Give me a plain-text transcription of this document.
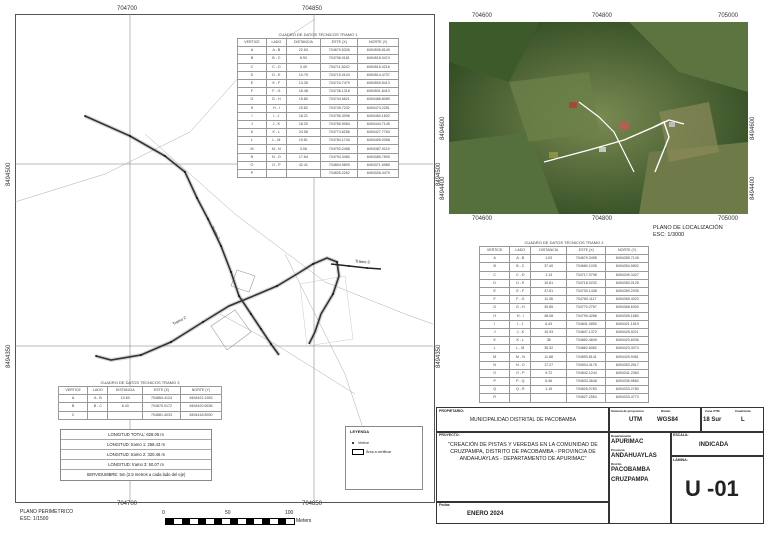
Tramo 1
Tramo 2
Tramo 3
704700	704850
704700	704850
8494500
8494350
8494500
8494350
CUADRO DE DATOS TÉCNICOS TRAMO 1
VERTICE	LADO	DISTANCIA	ESTE (X)	NORTE (Y)
A	A - B	22.63	704679.5326	8494536.8149
B	B - C	6.93	704706.0181	8494518.0474
C	C - D	3.49	704711.8242	8494515.4216
D	D - E	10.75	704715.0104	8494514.4737
E	E - F	13.35	704724.7479	8494509.5413
F	F - G	16.48	704736.1318	8494501.8410
G	G - H	15.80	704744.6621	8494488.8089
H	H - I	15.62	704749.7232	8494474.2261
I	I - J	18.21	704756.3096	8494460.1602
J	J - K	18.20	704765.9084	8494444.7145
K	K - L	24.58	704774.6256	8494427.7764
L	L - M	19.81	704784.1744	8494405.0058
M	M - N	3.08	704793.2458	8494387.0119
N	N - O	17.64	704794.3480	8494385.7509
O	O - P	42.41	704804.9809	8494371.6985
P			704835.2262	8494326.4479
CUADRO DE DATOS TÉCNICOS TRAMO 3
VERTICE	LADO	DISTANCIA	ESTE (X)	NORTE (Y)
A	A - B	10.63	704864.4124	8494422.1553
B	B - C	6.43	704875.0172	8494420.6536
C			704881.4033	8494418.8930
LONGITUD TOTAL: 628.05 m
LONGITUD: tramo 1: 258.43 m
LONGITUD: tramo 2: 320.46 m
LONGITUD: tramo 3: 50.07 m
SERVIDUMBRE: 5m (2.5 metros a cada lado del eje)
LEYENDA
Vertice
Área a certificar
PLANO PERIMETRICO
ESC: 1/1500
0	50	100
Meters
704600	704800	705000
704600	704800	705000
8494600
8494400
8494600
8494400
PLANO DE LOCALIZACIÓN
ESC: 1/3000
CUADRO DE DATOS TÉCNICOS TRAMO 2
VERTICE	LADO	DISTANCIA	ESTE (X)	NORTE (Y)
A	A - B	1.03	704679.3495	8494355.7149
B	B - C	37.40	704680.1035	8494354.9802
C	C - D	1.13	704717.0798	8494349.3427
D	D - E	10.81	704718.0233	8494350.0125
E	E - F	37.81	704730.1438	8494359.2935
F	F - G	11.36	704760.1117	8494365.4023
G	G - H	30.85	704770.2767	8494368.6300
H	H - I	48.08	704799.4286	8494395.1680
I	I - J	6.43	704841.0850	8494421.1519
J	J - K	10.93	704847.1372	8494425.5211
K	K - L	38	704852.4849	8494420.6036
L	L - M	30.32	704862.6082	8494423.3074
M	M - N	11.88	704893.8141	8494425.9461
N	N - O	17.27	704904.4175	8494353.2617
O	O - P	9.72	704842.1244	8494341.2363
P	P - Q	6.46	704833.3648	8494336.9660
Q	Q - R	1.15	704826.0783	8494333.2780
R			704827.2554	8494333.4773
PROPIETARIO:
MUNICIPALIDAD DISTRITAL DE PACOBAMBA
PROYECTO:
"CREACIÓN DE PISTAS Y VEREDAS EN LA COMUNIDAD DE CRUZPAMPA, DISTRITO DE PACOBAMBA - PROVINCIA DE ANDAHUAYLAS - DEPARTAMENTO DE APURIMAC"
Fecha:
ENERO 2024
Sistema de proyección
UTM
Datum
WGS84
Zona UTM
18 Sur
Cuadrícula
L
Departamento
APURIMAC
Provincia
ANDAHUAYLAS
Distrito
PACOBAMBA
CRUZPAMPA
ESCALA:
INDICADA
LÁMINA:
U -01
